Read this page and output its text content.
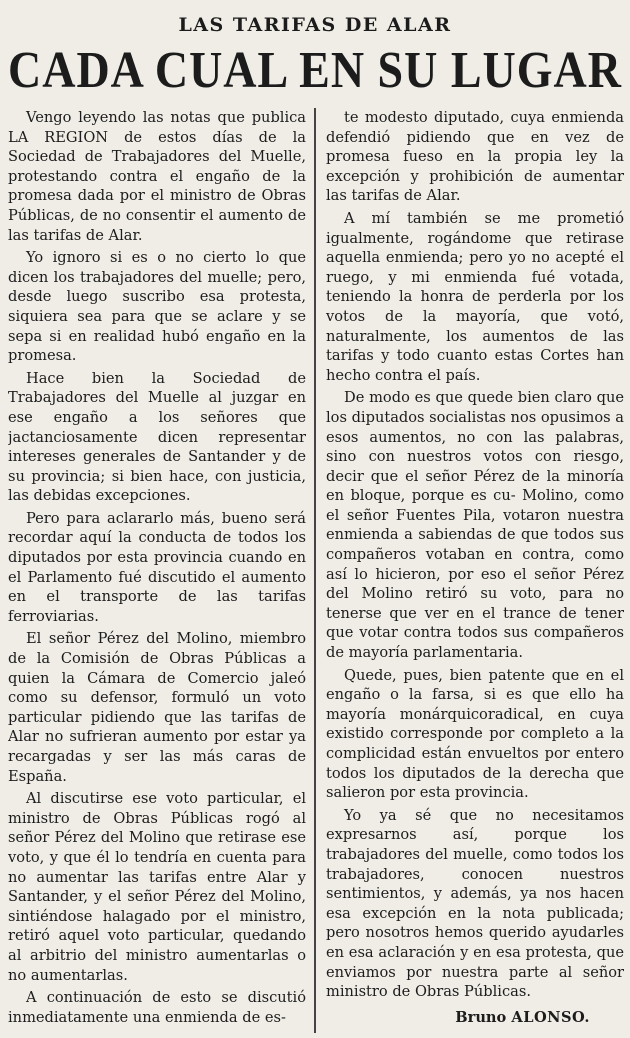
LAS TARIFAS DE ALAR
CADA CUAL EN SU LUGAR

Vengo leyendo las notas que publica LA REGION de estos días de la Sociedad de Trabajadores del Muelle, protestando contra el engaño de la promesa dada por el ministro de Obras Públicas, de no consentir el aumento de las tarifas de Alar.

Yo ignoro si es o no cierto lo que dicen los trabajadores del muelle; pero, desde luego suscribo esa protesta, siquiera sea para que se aclare y se sepa si en realidad hubó engaño en la promesa.

Hace bien la Sociedad de Trabajadores del Muelle al juzgar en ese engaño a los señores que jactanciosamente dicen representar intereses generales de Santander y de su provincia; si bien hace, con justicia, las debidas excepciones.

Pero para aclararlo más, bueno será recordar aquí la conducta de todos los diputados por esta provincia cuando en el Parlamento fué discutido el aumento en el transporte de las tarifas ferroviarias.

El señor Pérez del Molino, miembro de la Comisión de Obras Públicas a quien la Cámara de Comercio jaleó como su defensor, formuló un voto particular pidiendo que las tarifas de Alar no sufrieran aumento por estar ya recargadas y ser las más caras de España.

Al discutirse ese voto particular, el ministro de Obras Públicas rogó al señor Pérez del Molino que retirase ese voto, y que él lo tendría en cuenta para no aumentar las tarifas entre Alar y Santander, y el señor Pérez del Molino, sintiéndose halagado por el ministro, retiró aquel voto particular, quedando al arbitrio del ministro aumentarlas o no aumentarlas.

A continuación de esto se discutió inmediatamente una enmienda de es-

te modesto diputado, cuya enmienda defendió pidiendo que en vez de promesa fueso en la propia ley la excepción y prohibición de aumentar las tarifas de Alar.

A mí también se me prometió igualmente, rogándome que retirase aquella enmienda; pero yo no acepté el ruego, y mi enmienda fué votada, teniendo la honra de perderla por los votos de la mayoría, que votó, naturalmente, los aumentos de las tarifas y todo cuanto estas Cortes han hecho contra el país.

De modo es que quede bien claro que los diputados socialistas nos opusimos a esos aumentos, no con las palabras, sino con nuestros votos con riesgo, decir que el señor Pérez de la minoría en bloque, porque es cu- Molino, como el señor Fuentes Pila, votaron nuestra enmienda a sabiendas de que todos sus compañeros votaban en contra, como así lo hicieron, por eso el señor Pérez del Molino retiró su voto, para no tenerse que ver en el trance de tener que votar contra todos sus compañeros de mayoría parlamentaria.

Quede, pues, bien patente que en el engaño o la farsa, si es que ello ha mayoría monárquicoradical, en cuya existido corresponde por completo a la complicidad están envueltos por entero todos los diputados de la derecha que salieron por esta provincia.

Yo ya sé que no necesitamos expresarnos así, porque los trabajadores del muelle, como todos los trabajadores, conocen nuestros sentimientos, y además, ya nos hacen esa excepción en la nota publicada; pero nosotros hemos querido ayudarles en esa aclaración y en esa protesta, que enviamos por nuestra parte al señor ministro de Obras Públicas.

Bruno ALONSO.
